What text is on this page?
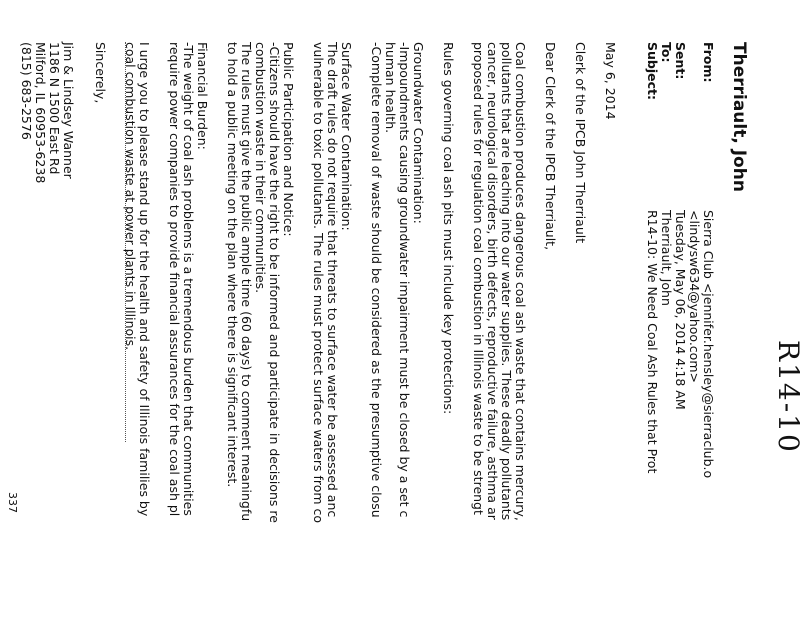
R14-10
Therriault, John
From:
Sierra Club <jennifer.hensley@sierraclub.o
<lindysw634@yahoo.com>
Sent:
Tuesday, May 06, 2014 4:18 AM
To:
Therriault, John
Subject:
R14-10: We Need Coal Ash Rules that Prot
May 6, 2014
Clerk of the IPCB John Therriault
Dear Clerk of the IPCB Therriault,
Coal combustion produces dangerous coal ash waste that contains mercury,
pollutants that are leaching into our water supplies. These deadly pollutants
cancer, neurological disorders, birth defects, reproductive failure, asthma ar
proposed rules for regulation coal combustion in Illinois waste to be strengt
Rules governing coal ash pits must include key protections:
Groundwater Contamination:
-Impoundments causing groundwater impairment must be closed by a set c
human health.
-Complete removal of waste should be considered as the presumptive closu
Surface Water Contamination:
The draft rules do not require that threats to surface water be assessed anc
vulnerable to toxic pollutants. The rules must protect surface waters from co
Public Participation and Notice:
-Citizens should have the right to be informed and participate in decisions re
combustion waste in their communities.
The rules must give the public ample time (60 days) to comment meaningfu
to hold a public meeting on the plan where there is significant interest.
Financial Burden:
-The weight of coal ash problems is a tremendous burden that communities
require power companies to provide financial assurances for the coal ash pl
I urge you to please stand up for the health and safety of Illinois families by
coal combustion waste at power plants in Illinois.
Sincerely,
Jim & Lindsey Wanner
1186 N 1500 East Rd
Milford, IL 60953-6238
(815) 683-2576
337
